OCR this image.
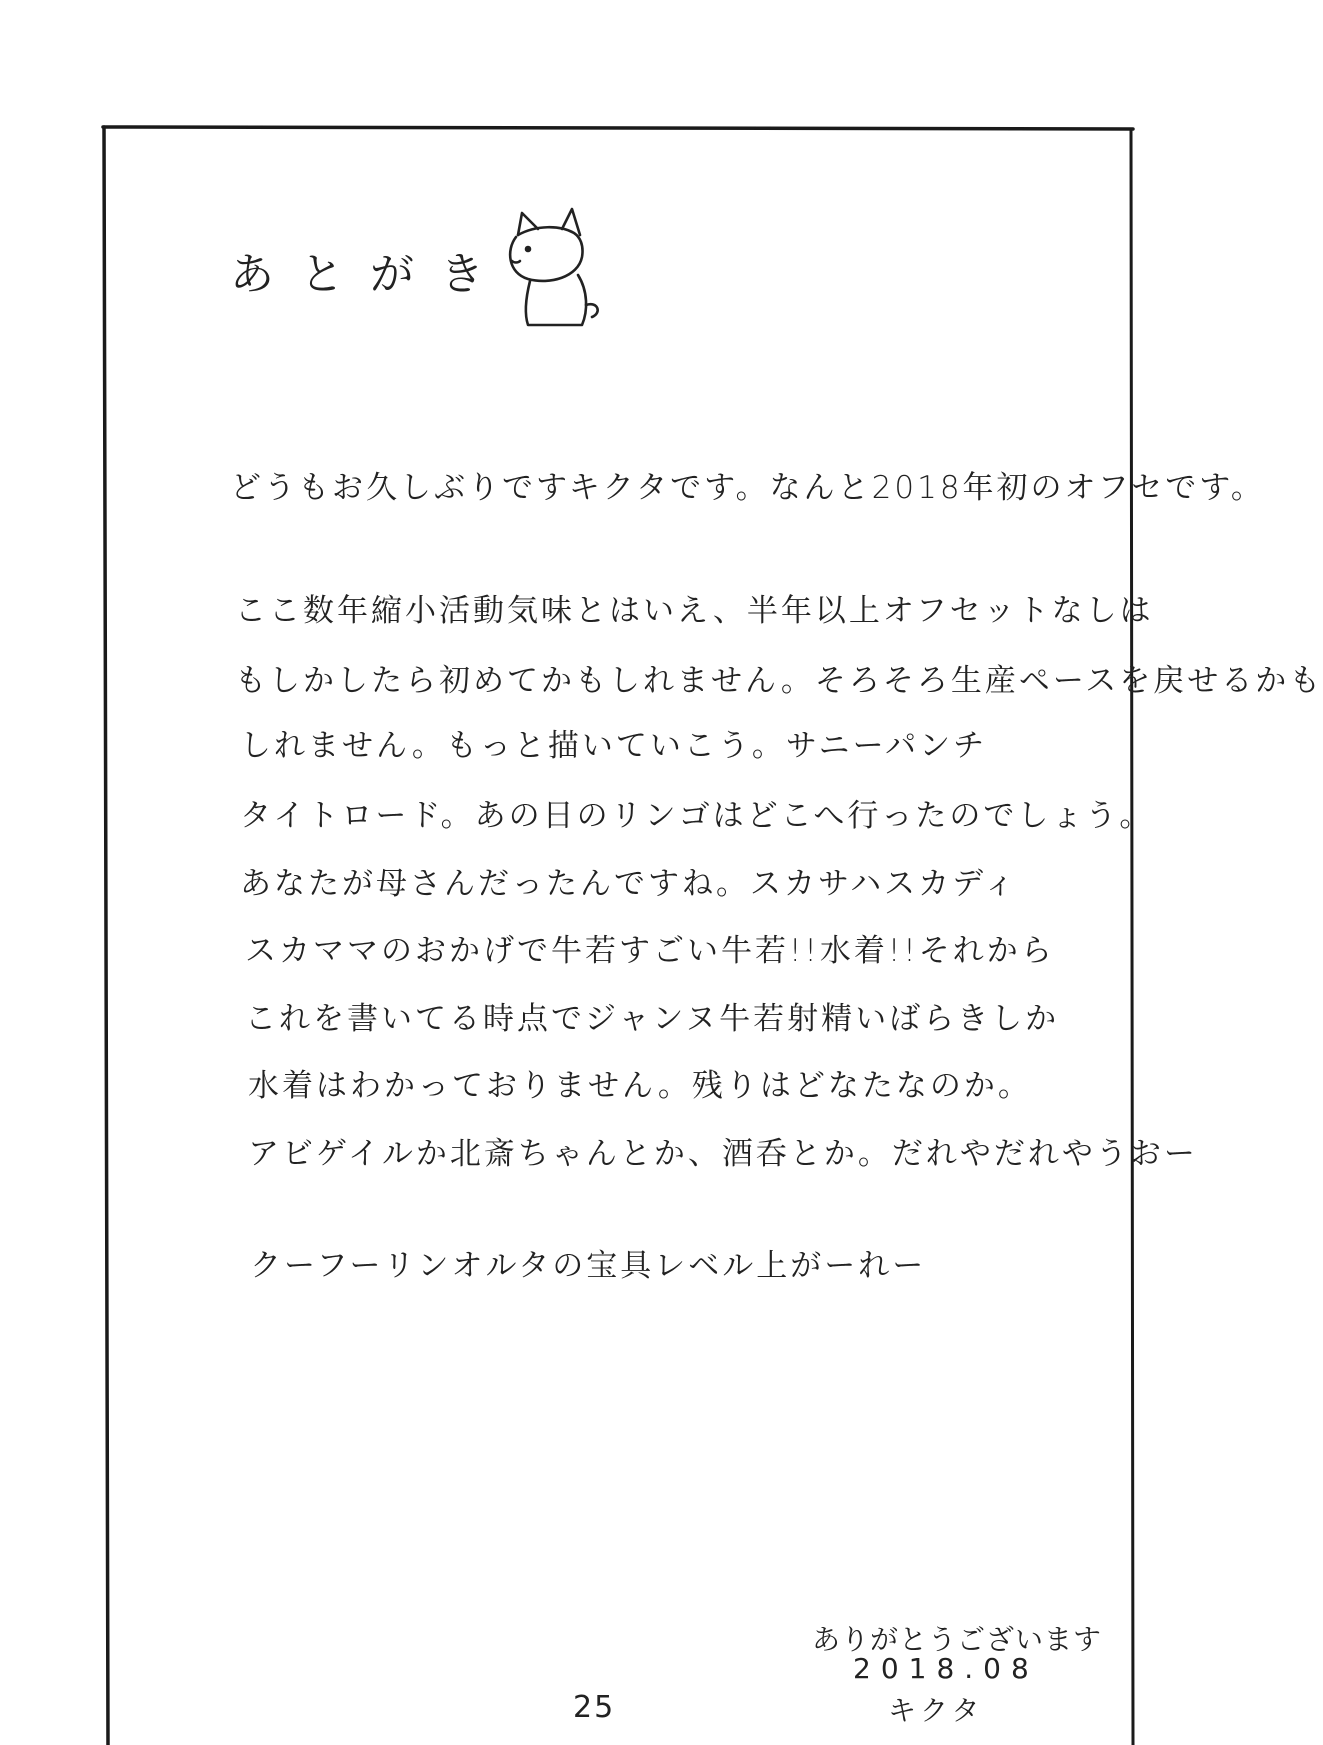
あとがき
どうもお久しぶりですキクタです。なんと2018年初のオフセです。
ここ数年縮小活動気味とはいえ、半年以上オフセットなしは
もしかしたら初めてかもしれません。そろそろ生産ペースを戻せるかも
しれません。もっと描いていこう。サニーパンチ
タイトロード。あの日のリンゴはどこへ行ったのでしょう。
あなたが母さんだったんですね。スカサハスカディ
スカママのおかげで牛若すごい牛若!!水着!!それから
これを書いてる時点でジャンヌ牛若射精いばらきしか
水着はわかっておりません。残りはどなたなのか。
アビゲイルか北斎ちゃんとか、酒呑とか。だれやだれやうおー
クーフーリンオルタの宝具レベル上がーれー
ありがとうございます
2018.08
キクタ
25
